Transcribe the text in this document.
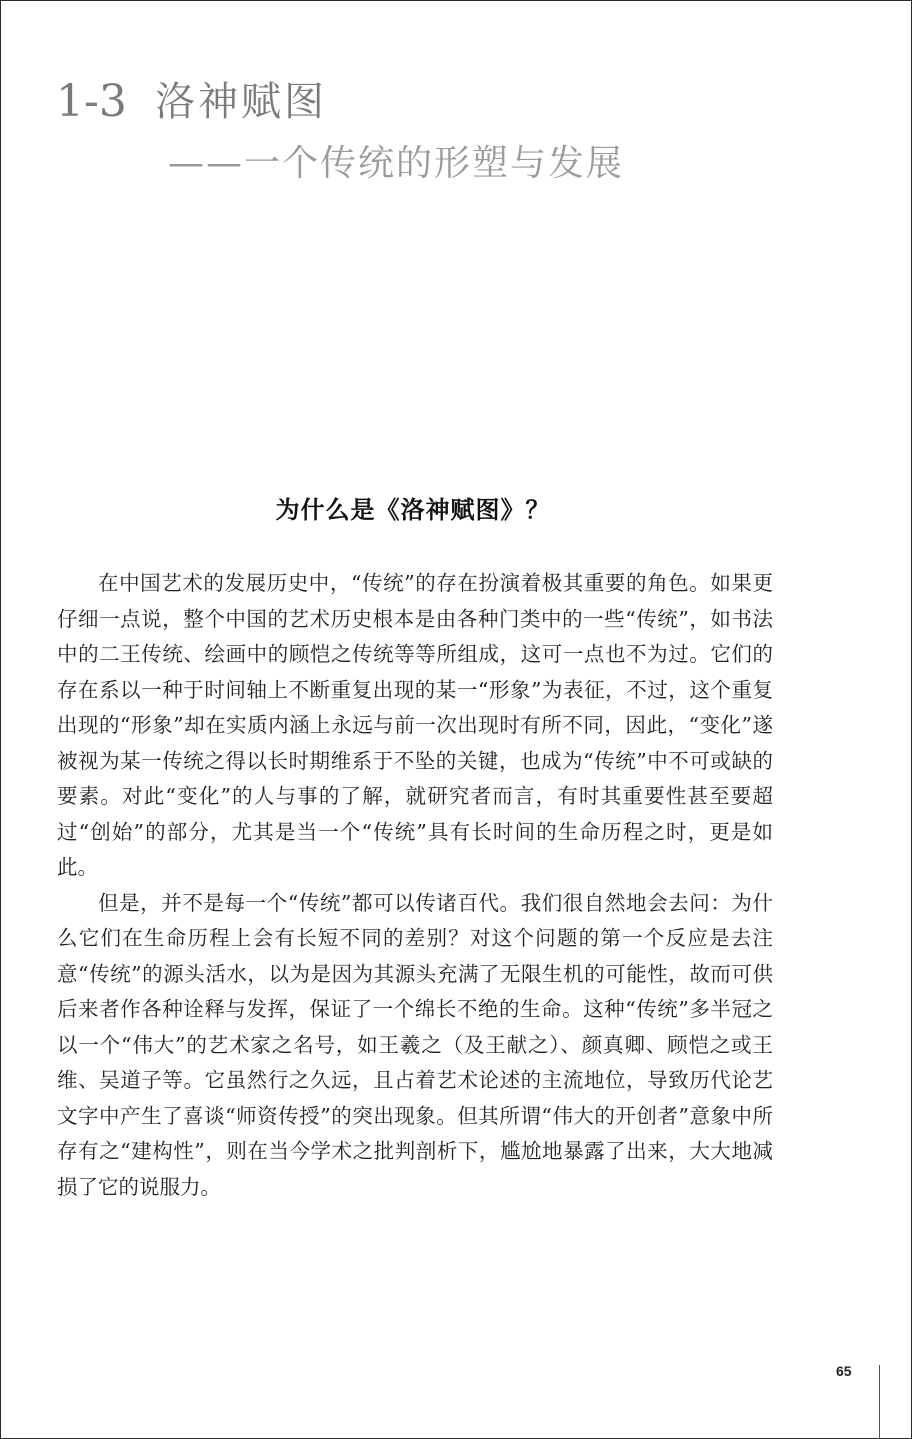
1-3 洛神赋图
——一个传统的形塑与发展
为什么是《洛神赋图》？

在中国艺术的发展历史中，“传统”的存在扮演着极其重要的角色。如果更仔细一点说，整个中国的艺术历史根本是由各种门类中的一些“传统”，如书法中的二王传统、绘画中的顾恺之传统等等所组成，这可一点也不为过。它们的存在系以一种于时间轴上不断重复出现的某一“形象”为表征，不过，这个重复出现的“形象”却在实质内涵上永远与前一次出现时有所不同，因此，“变化”遂被视为某一传统之得以长时期维系于不坠的关键，也成为“传统”中不可或缺的要素。对此“变化”的人与事的了解，就研究者而言，有时其重要性甚至要超过“创始”的部分，尤其是当一个“传统”具有长时间的生命历程之时，更是如此。

但是，并不是每一个“传统”都可以传诸百代。我们很自然地会去问：为什么它们在生命历程上会有长短不同的差别？对这个问题的第一个反应是去注意“传统”的源头活水，以为是因为其源头充满了无限生机的可能性，故而可供后来者作各种诠释与发挥，保证了一个绵长不绝的生命。这种“传统”多半冠之以一个“伟大”的艺术家之名号，如王羲之（及王献之）、颜真卿、顾恺之或王维、吴道子等。它虽然行之久远，且占着艺术论述的主流地位，导致历代论艺文字中产生了喜谈“师资传授”的突出现象。但其所谓“伟大的开创者”意象中所存有之“建构性”，则在当今学术之批判剖析下，尴尬地暴露了出来，大大地减损了它的说服力。

65
